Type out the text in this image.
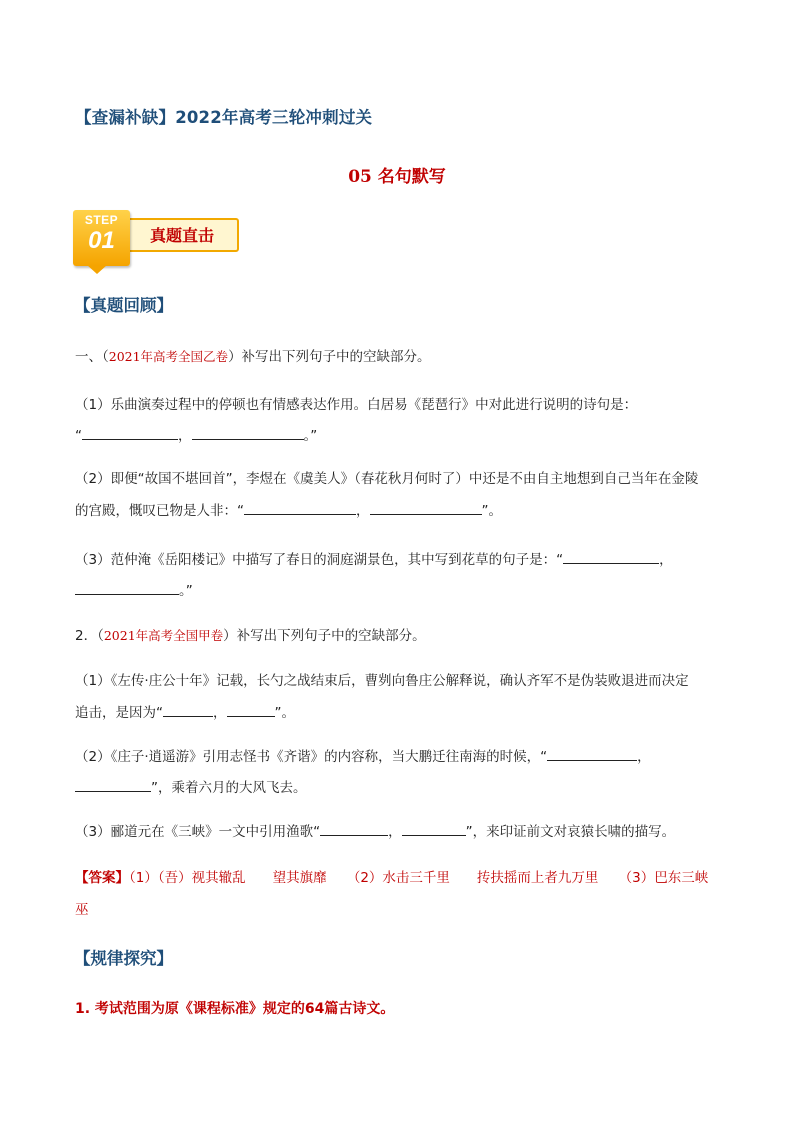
【查漏补缺】2022年高考三轮冲刺过关
05 名句默写
真题直击
STEP
01
【真题回顾】
一、（2021年高考全国乙卷）补写出下列句子中的空缺部分。
（1）乐曲演奏过程中的停顿也有情感表达作用。白居易《琵琶行》中对此进行说明的诗句是：
“	，	。”
（2）即便“故国不堪回首”，李煜在《虞美人》（春花秋月何时了）中还是不由自主地想到自己当年在金陵
的宫殿，慨叹已物是人非：“	，	”。
（3）范仲淹《岳阳楼记》中描写了春日的洞庭湖景色，其中写到花草的句子是：“	，
。”
2．（2021年高考全国甲卷）补写出下列句子中的空缺部分。
（1）《左传·庄公十年》记载，长勺之战结束后，曹刿向鲁庄公解释说，确认齐军不是伪装败退进而决定
追击，是因为“	，	”。
（2）《庄子·逍遥游》引用志怪书《齐谐》的内容称，当大鹏迁往南海的时候，“	，
”，乘着六月的大风飞去。
（3）郦道元在《三峡》一文中引用渔歌“	，	”，来印证前文对哀猿长啸的描写。
【答案】（1）（吾）视其辙乱　　望其旗靡　　（2）水击三千里　　抟扶摇而上者九万里　　（3）巴东三峡
巫
【规律探究】
1. 考试范围为原《课程标准》规定的64篇古诗文。
